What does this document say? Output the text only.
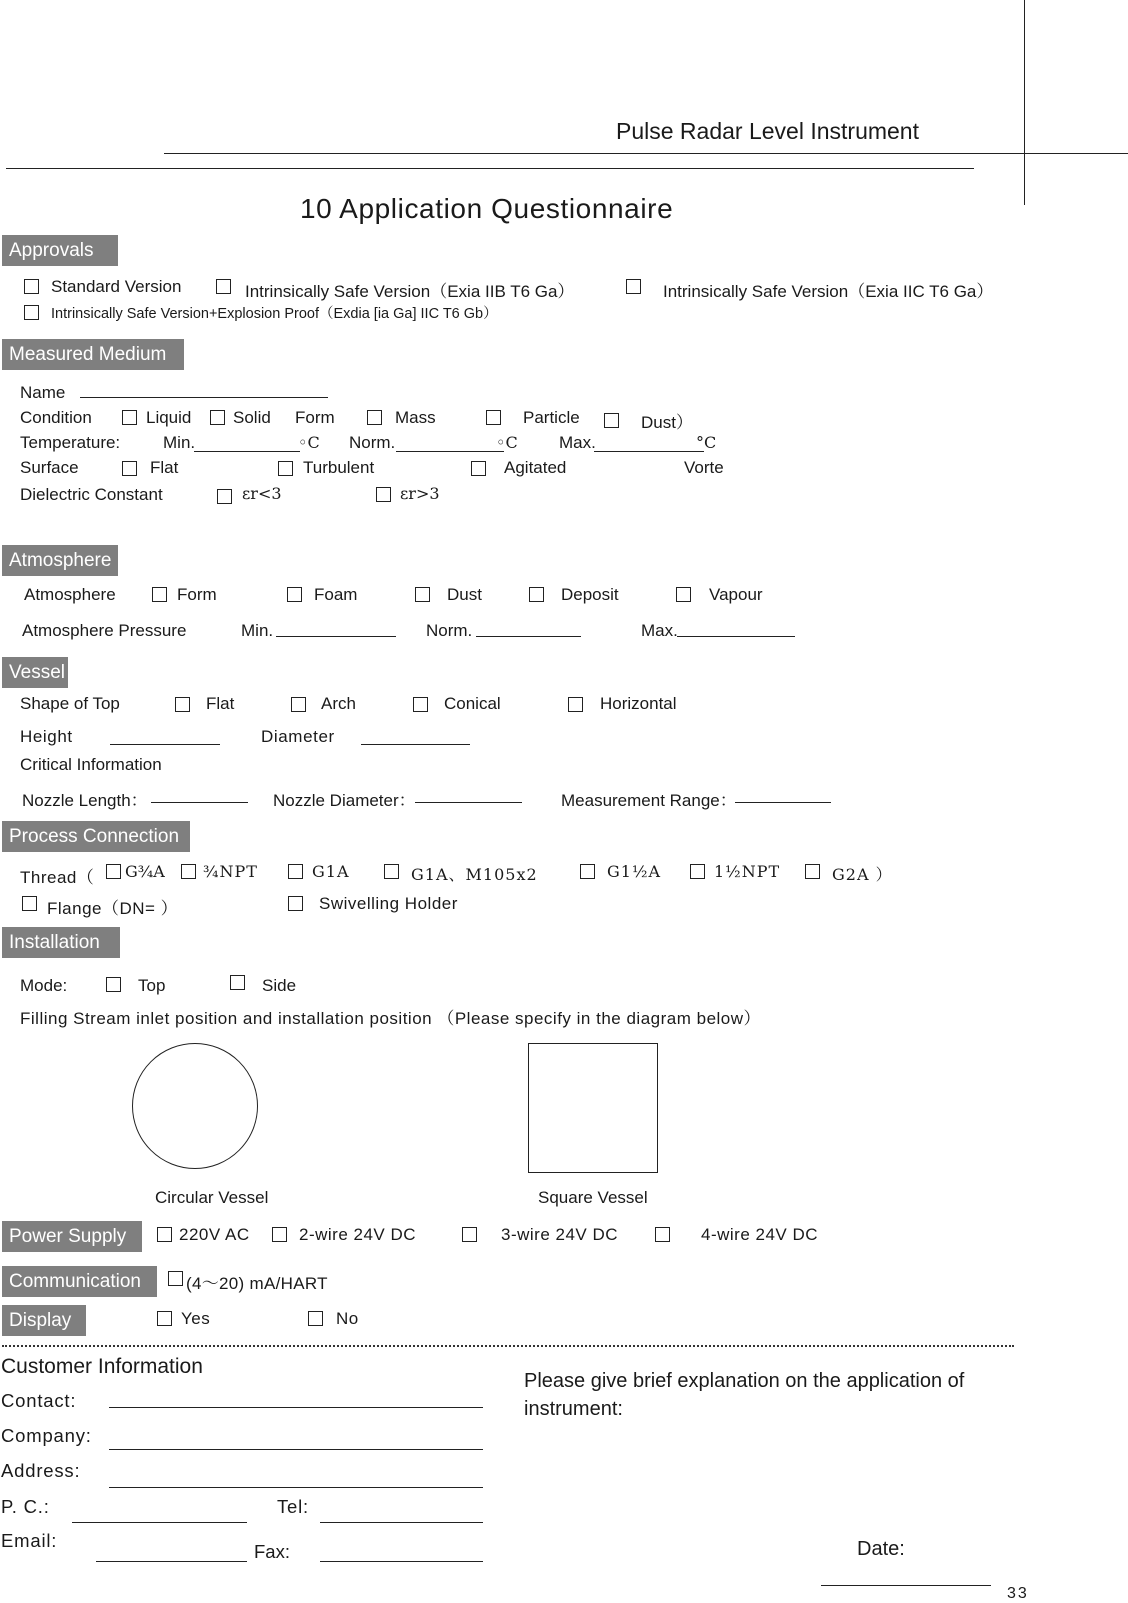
Pulse Radar Level Instrument
10 Application Questionnaire
Approvals
Standard Version	Intrinsically Safe Version（Exia IIB T6 Ga）	Intrinsically Safe Version（Exia IIC T6 Ga）
Intrinsically Safe Version+Explosion Proof（Exdia [ia Ga] IIC T6 Gb）
Measured Medium
Name
Condition	Liquid Solid Form	Mass	Particle	Dust）
Temperature:	Min.	◦C Norm.	◦C Max.	°C
Surface	Flat	Turbulent	Agitated	Vorte
Dielectric Constant	εr<3	εr>3
Atmosphere
Atmosphere	Form	Foam	Dust	Deposit	Vapour
Atmosphere Pressure	Min.	Norm.	Max.
Vessel
Shape of Top	Flat	Arch	Conical	Horizontal
Height	Diameter
Critical Information
Nozzle Length：	Nozzle Diameter：	Measurement Range：
Process Connection
Thread（ G¾A ¾NPT	G1A	G1A、M105x2	G1½A	1½NPT	G2A ）
Flange（DN= ）	Swivelling Holder
Installation
Mode:	Top	Side
Filling Stream inlet position and installation position （Please specify in the diagram below）
Circular Vessel	Square Vessel
Power Supply	220V AC	2-wire 24V DC	3-wire 24V DC	4-wire 24V DC
Communication	(4～20) mA/HART
Display	Yes	No
Customer Information
Contact:
Company:
Address:
P. C.:	Tel:
Email:
Fax:
Please give brief explanation on the application of
instrument:
Date:
33
